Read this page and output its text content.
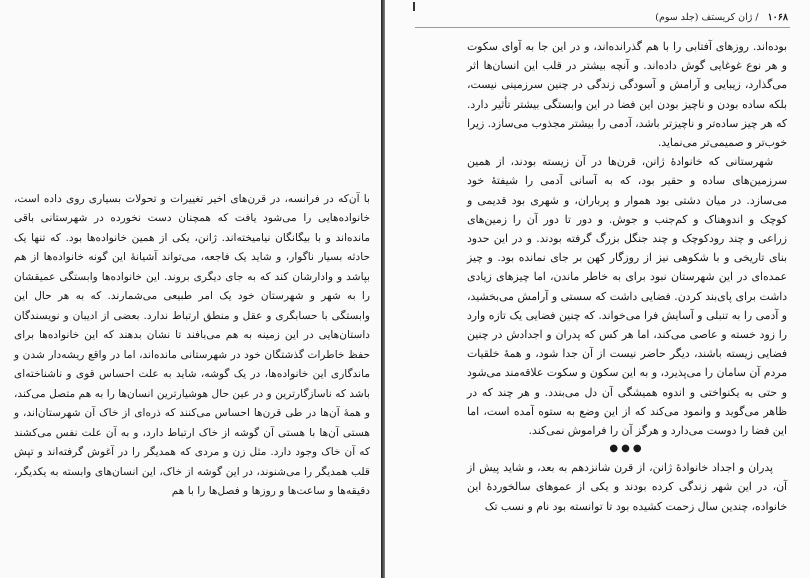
با آن‌که در فرانسه، در قرن‌های اخیر تغییرات و تحولات بسیاری روی داده است، خانواده‌هایی را می‌شود یافت که همچنان دست نخورده در شهرستانی باقی مانده‌اند و با بیگانگان نیامیخته‌اند. ژانن، یکی از همین خانواده‌ها بود. که تنها یک حادثه بسیار ناگوار، و شاید یک فاجعه، می‌تواند آشیانهٔ این گونه خانواده‌ها از هم بپاشد و وادارشان کند که به جای دیگری بروند. این خانواده‌ها وابستگی عمیقشان را به شهر و شهرستان خود یک امر طبیعی می‌شمارند. که به هر حال این وابستگی با حسابگری و عقل و منطق ارتباط ندارد. بعضی از ادیبان و نویسندگان داستان‌هایی در این زمینه به هم می‌بافند تا نشان بدهند که این خانواده‌ها برای حفظ خاطرات گذشتگان خود در شهرستانی مانده‌اند، اما در واقع ریشه‌دار شدن و ماندگاری این خانواده‌ها، در یک گوشه، شاید به علت احساس قوی و ناشناخته‌ای باشد که ناسازگارترین و در عین حال هوشیارترین انسان‌ها را به هم متصل می‌کند، و همهٔ آن‌ها در طی قرن‌ها احساس می‌کنند که ذره‌ای از خاک آن شهرستان‌اند، و هستی آن‌ها با هستی آن گوشه از خاک ارتباط دارد، و به آن علت نفس می‌کشند که آن خاک وجود دارد. مثل زن و مردی که همدیگر را در آغوش گرفته‌اند و تپش قلب همدیگر را می‌شنوند، در این گوشه از خاک، این انسان‌های وابسته به یکدیگر، دقیقه‌ها و ساعت‌ها و روزها و فصل‌ها را با هم

۱۰۶۸ / ژان کریستف (جلد سوم)

بوده‌اند. روزهای آفتابی را با هم گذرانده‌اند، و در این جا به آوای سکوت و هر نوع غوغایی گوش داده‌اند. و آنچه بیشتر در قلب این انسان‌ها اثر می‌گذارد، زیبایی و آرامش و آسودگی زندگی در چنین سرزمینی نیست، بلکه ساده بودن و ناچیز بودن این فضا در این وابستگی بیشتر تأثیر دارد. که هر چیز ساده‌تر و ناچیزتر باشد، آدمی را بیشتر مجذوب می‌سازد. زیرا خوب‌تر و صمیمی‌تر می‌نماید.

شهرستانی که خانوادهٔ ژانن، قرن‌ها در آن زیسته بودند، از همین سرزمین‌های ساده و حقیر بود، که به آسانی آدمی را شیفتهٔ خود می‌سازد. در میان دشتی بود هموار و پرباران، و شهری بود قدیمی و کوچک و اندوهناک و کم‌جنب و جوش. و دور تا دور آن را زمین‌های زراعی و چند رودکوچک و چند جنگل بزرگ گرفته بودند. و در این حدود بنای تاریخی و با شکوهی نیز از روزگار کهن بر جای نمانده بود. و چیز عمده‌ای در این شهرستان نبود برای به خاطر ماندن، اما چیزهای زیادی داشت برای پای‌بند کردن. فضایی داشت که سستی و آرامش می‌بخشید، و آدمی را به تنبلی و آسایش فرا می‌خواند. که چنین فضایی یک تازه وارد را زود خسته و عاصی می‌کند، اما هر کس که پدران و اجدادش در چنین فضایی زیسته باشند، دیگر حاضر نیست از آن جدا شود، و همهٔ خلقیات مردم آن سامان را می‌پذیرد، و به این سکون و سکوت علاقه‌مند می‌شود و حتی به یکنواختی و اندوه همیشگی آن دل می‌بندد. و هر چند که در ظاهر می‌گوید و وانمود می‌کند که از این وضع به ستوه آمده است، اما این فضا را دوست می‌دارد و هرگز آن را فراموش نمی‌کند.

●●●

پدران و اجداد خانوادهٔ ژانن، از قرن شانزدهم به بعد، و شاید پیش از آن، در این شهر زندگی کرده بودند و یکی از عموهای سالخوردهٔ این خانواده، چندین سال زحمت کشیده بود تا توانسته بود نام و نسب تک
